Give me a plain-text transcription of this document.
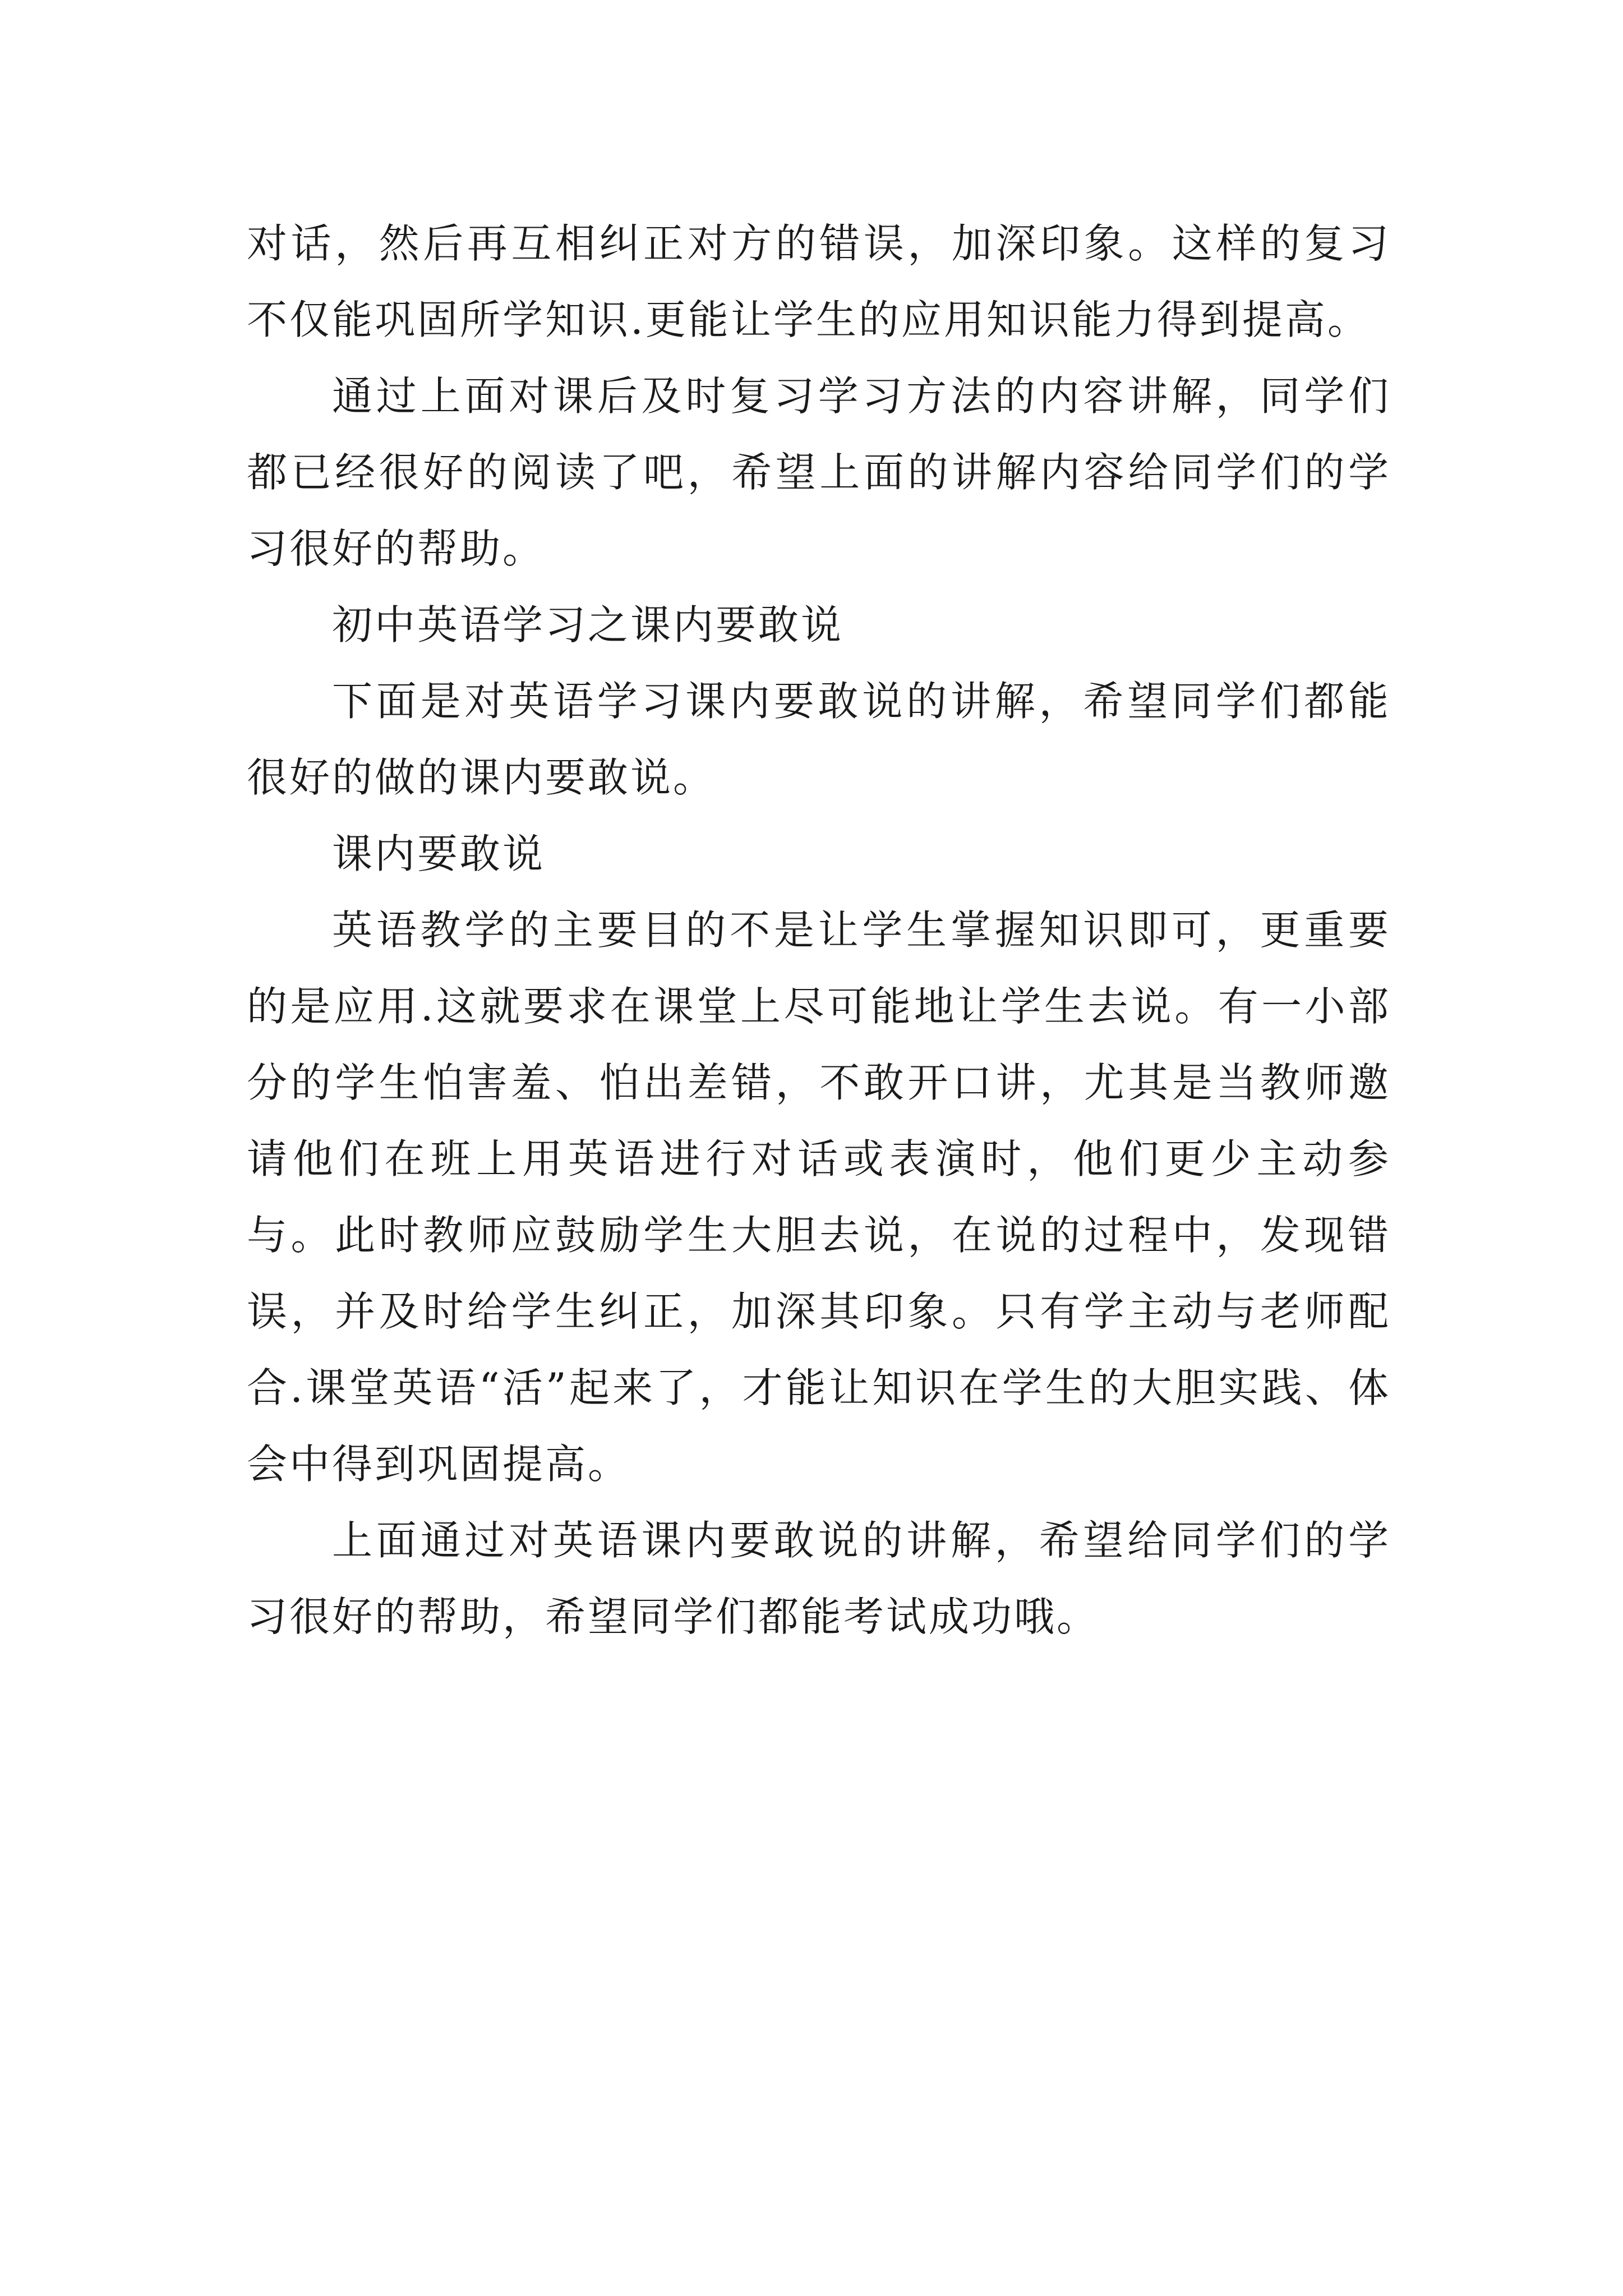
对话，然后再互相纠正对方的错误，加深印象。这样的复习不仅能巩固所学知识.更能让学生的应用知识能力得到提高。

通过上面对课后及时复习学习方法的内容讲解，同学们都已经很好的阅读了吧，希望上面的讲解内容给同学们的学习很好的帮助。

初中英语学习之课内要敢说

下面是对英语学习课内要敢说的讲解，希望同学们都能很好的做的课内要敢说。

课内要敢说

英语教学的主要目的不是让学生掌握知识即可，更重要的是应用.这就要求在课堂上尽可能地让学生去说。有一小部分的学生怕害羞、怕出差错，不敢开口讲，尤其是当教师邀请他们在班上用英语进行对话或表演时，他们更少主动参与。此时教师应鼓励学生大胆去说，在说的过程中，发现错误，并及时给学生纠正，加深其印象。只有学主动与老师配合.课堂英语“活”起来了，才能让知识在学生的大胆实践、体会中得到巩固提高。

上面通过对英语课内要敢说的讲解，希望给同学们的学习很好的帮助，希望同学们都能考试成功哦。
